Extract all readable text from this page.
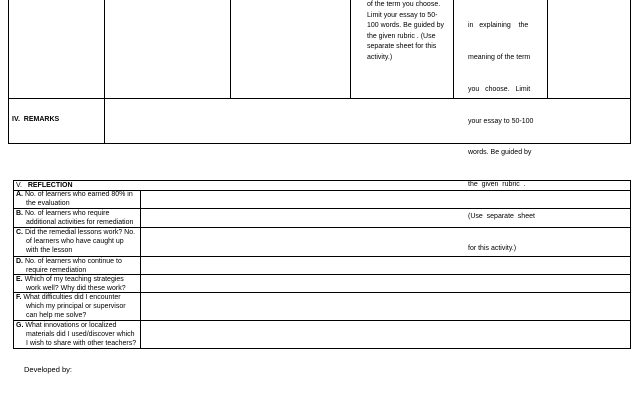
of the term you choose.
Limit your essay to 50-
100 words. Be guided by
the given rubric . (Use
separate sheet for this
activity.)

in   explaining    the

meaning of the term

you   choose.   Limit

your essay to 50-100

words. Be guided by

the  given  rubric  .

(Use  separate  sheet

for this activity.)

IV.  REMARKS
V. REFLECTION
A. No. of learners who earned 80% in
the evaluation
B. No. of learners who require
additional activities for remediation
C. Did the remedial lessons work? No.
of learners who have caught up
with the lesson
D. No. of learners who continue to
require remediation
E. Which of my teaching strategies
work well? Why did these work?
F. What difficulties did I encounter
which my principal or supervisor
can help me solve?
G. What innovations or localized
materials did I used/discover which
I wish to share with other teachers?
Developed by:
